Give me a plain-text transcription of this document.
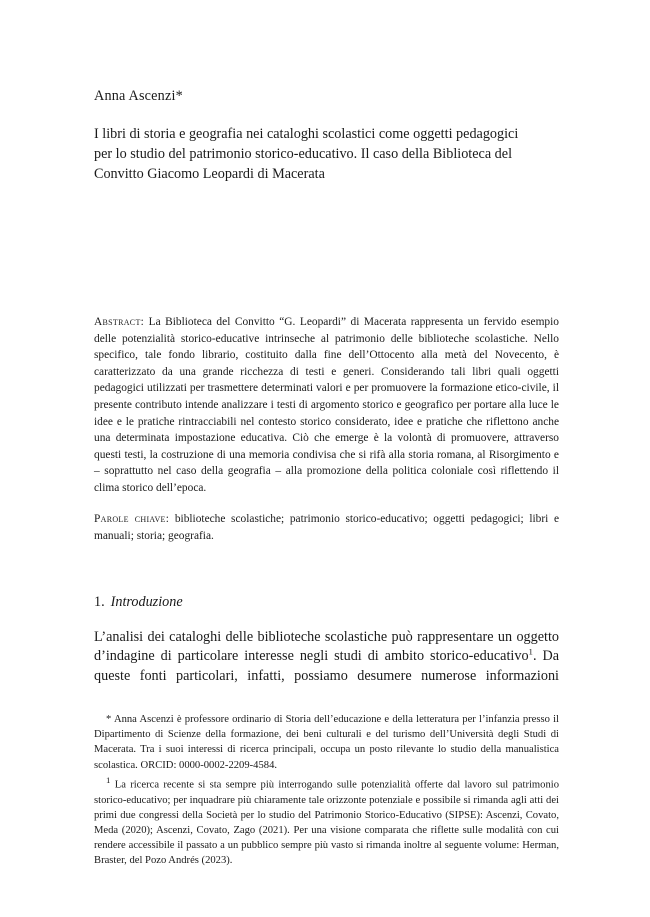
Anna Ascenzi*
I libri di storia e geografia nei cataloghi scolastici come oggetti pedagogici
per lo studio del patrimonio storico-educativo. Il caso della Biblioteca del
Convitto Giacomo Leopardi di Macerata

Abstract: La Biblioteca del Convitto “G. Leopardi” di Macerata rappresenta un fervido esempio delle potenzialità storico-educative intrinseche al patrimonio delle biblioteche scolastiche. Nello specifico, tale fondo librario, costituito dalla fine dell’Ottocento alla metà del Novecento, è caratterizzato da una grande ricchezza di testi e generi. Considerando tali libri quali oggetti pedagogici utilizzati per trasmettere determinati valori e per promuovere la formazione etico-civile, il presente contributo intende analizzare i testi di argomento storico e geografico per portare alla luce le idee e le pratiche rintracciabili nel contesto storico considerato, idee e pratiche che riflettono anche una determinata impostazione educativa. Ciò che emerge è la volontà di promuovere, attraverso questi testi, la costruzione di una memoria condivisa che si rifà alla storia romana, al Risorgimento e – soprattutto nel caso della geografia – alla promozione della politica coloniale così riflettendo il clima storico dell’epoca.

Parole chiave: biblioteche scolastiche; patrimonio storico-educativo; oggetti pedagogici; libri e manuali; storia; geografia.

1. Introduzione

L’analisi dei cataloghi delle biblioteche scolastiche può rappresentare un oggetto d’indagine di particolare interesse negli studi di ambito storico-educativo$^1$. Da queste fonti particolari, infatti, possiamo desumere numerose informazioni

* Anna Ascenzi è professore ordinario di Storia dell’educazione e della letteratura per l’infanzia presso il Dipartimento di Scienze della formazione, dei beni culturali e del turismo dell’Università degli Studi di Macerata. Tra i suoi interessi di ricerca principali, occupa un posto rilevante lo studio della manualistica scolastica. ORCID: 0000-0002-2209-4584.

$^1$ La ricerca recente si sta sempre più interrogando sulle potenzialità offerte dal lavoro sul patrimonio storico-educativo; per inquadrare più chiaramente tale orizzonte potenziale e possibile si rimanda agli atti dei primi due congressi della Società per lo studio del Patrimonio Storico-Educativo (SIPSE): Ascenzi, Covato, Meda (2020); Ascenzi, Covato, Zago (2021). Per una visione comparata che riflette sulle modalità con cui rendere accessibile il passato a un pubblico sempre più vasto si rimanda inoltre al seguente volume: Herman, Braster, del Pozo Andrés (2023).
